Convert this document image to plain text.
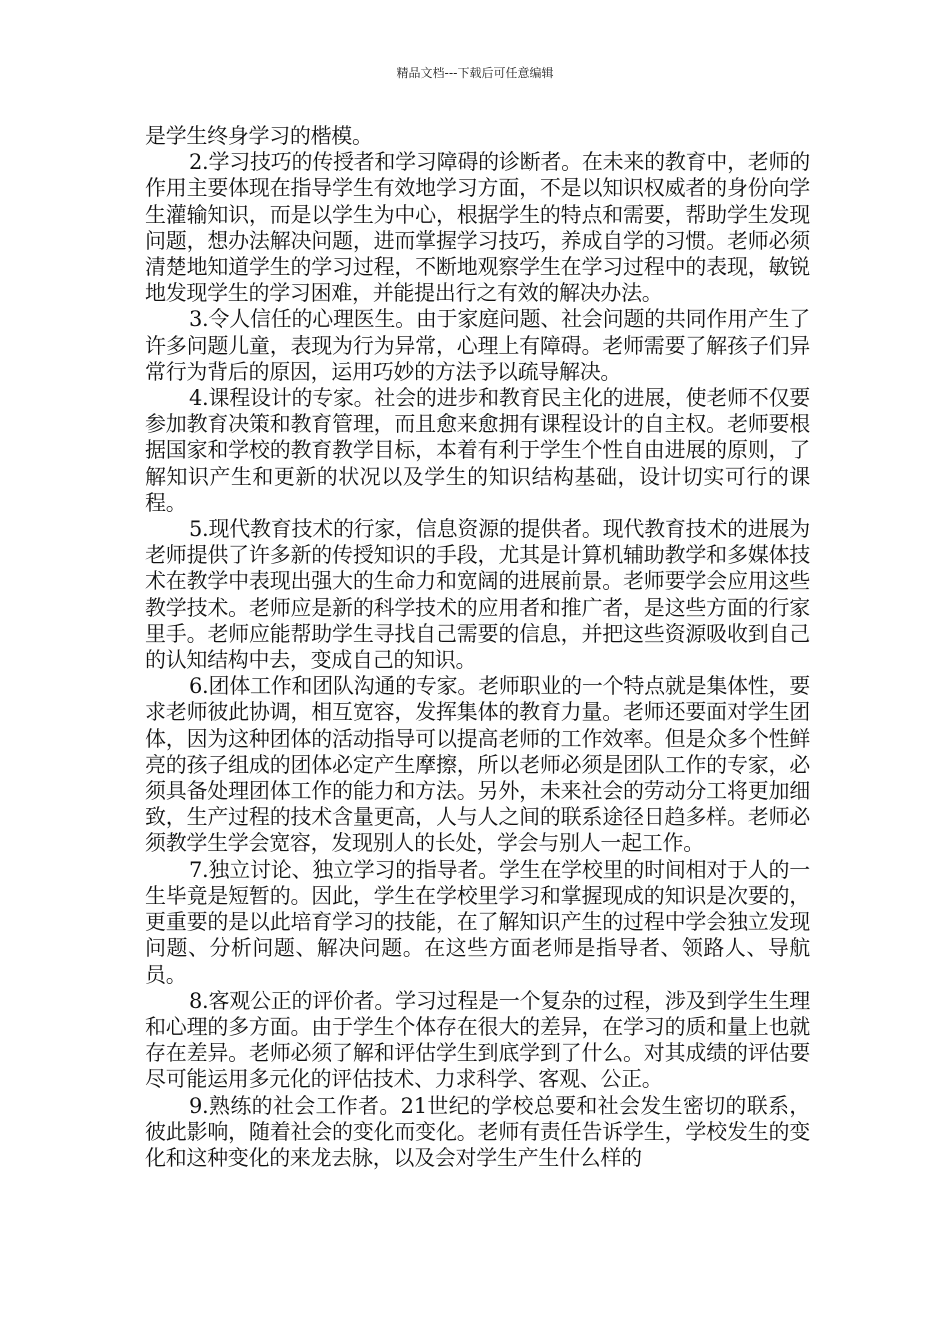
精品文档---下载后可任意编辑

是学生终身学习的楷模。

2.学习技巧的传授者和学习障碍的诊断者。在未来的教育中，老师的作用主要体现在指导学生有效地学习方面，不是以知识权威者的身份向学生灌输知识，而是以学生为中心，根据学生的特点和需要，帮助学生发现问题，想办法解决问题，进而掌握学习技巧，养成自学的习惯。老师必须清楚地知道学生的学习过程，不断地观察学生在学习过程中的表现，敏锐地发现学生的学习困难，并能提出行之有效的解决办法。

3.令人信任的心理医生。由于家庭问题、社会问题的共同作用产生了许多问题儿童，表现为行为异常，心理上有障碍。老师需要了解孩子们异常行为背后的原因，运用巧妙的方法予以疏导解决。

4.课程设计的专家。社会的进步和教育民主化的进展，使老师不仅要参加教育决策和教育管理，而且愈来愈拥有课程设计的自主权。老师要根据国家和学校的教育教学目标，本着有利于学生个性自由进展的原则，了解知识产生和更新的状况以及学生的知识结构基础，设计切实可行的课程。

5.现代教育技术的行家，信息资源的提供者。现代教育技术的进展为老师提供了许多新的传授知识的手段，尤其是计算机辅助教学和多媒体技术在教学中表现出强大的生命力和宽阔的进展前景。老师要学会应用这些教学技术。老师应是新的科学技术的应用者和推广者，是这些方面的行家里手。老师应能帮助学生寻找自己需要的信息，并把这些资源吸收到自己的认知结构中去，变成自己的知识。

6.团体工作和团队沟通的专家。老师职业的一个特点就是集体性，要求老师彼此协调，相互宽容，发挥集体的教育力量。老师还要面对学生团体，因为这种团体的活动指导可以提高老师的工作效率。但是众多个性鲜亮的孩子组成的团体必定产生摩擦，所以老师必须是团队工作的专家，必须具备处理团体工作的能力和方法。另外，未来社会的劳动分工将更加细致，生产过程的技术含量更高，人与人之间的联系途径日趋多样。老师必须教学生学会宽容，发现别人的长处，学会与别人一起工作。

7.独立讨论、独立学习的指导者。学生在学校里的时间相对于人的一生毕竟是短暂的。因此，学生在学校里学习和掌握现成的知识是次要的，更重要的是以此培育学习的技能，在了解知识产生的过程中学会独立发现问题、分析问题、解决问题。在这些方面老师是指导者、领路人、导航员。

8.客观公正的评价者。学习过程是一个复杂的过程，涉及到学生生理和心理的多方面。由于学生个体存在很大的差异，在学习的质和量上也就存在差异。老师必须了解和评估学生到底学到了什么。对其成绩的评估要尽可能运用多元化的评估技术、力求科学、客观、公正。

9.熟练的社会工作者。21世纪的学校总要和社会发生密切的联系，彼此影响，随着社会的变化而变化。老师有责任告诉学生，学校发生的变化和这种变化的来龙去脉，以及会对学生产生什么样的
